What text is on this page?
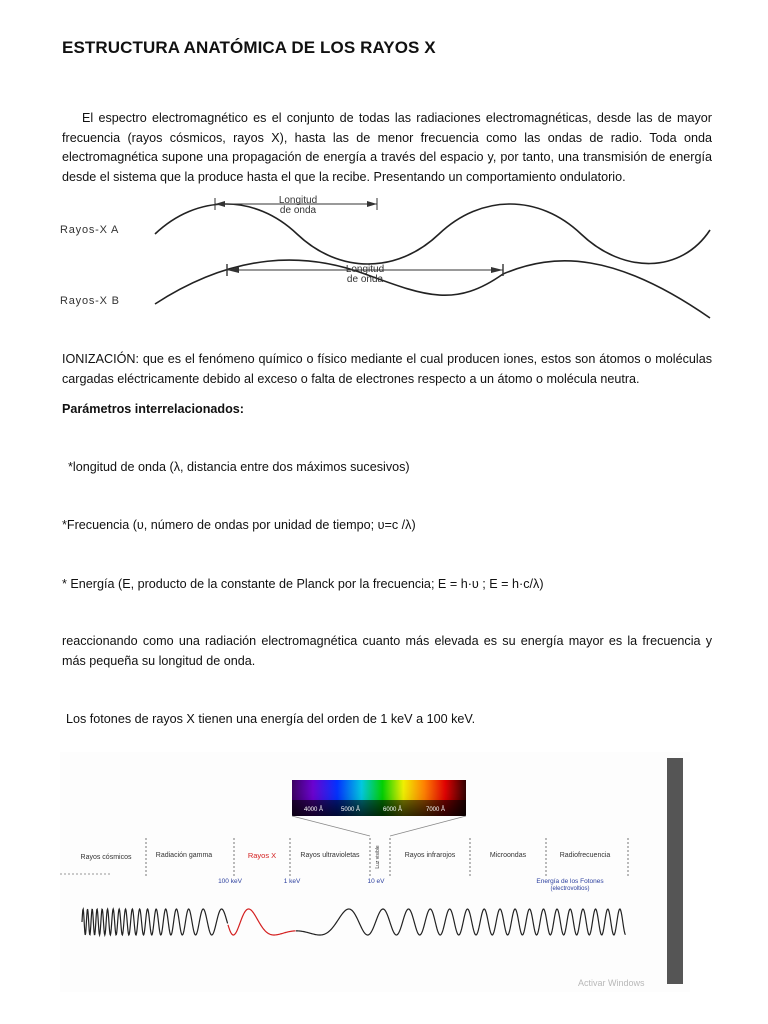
ESTRUCTURA ANATÓMICA DE LOS RAYOS X
El espectro electromagnético es el conjunto de todas las radiaciones electromagnéticas, desde las de mayor frecuencia (rayos cósmicos, rayos X), hasta las de menor frecuencia como las ondas de radio. Toda onda electromagnética supone una propagación de energía a través del espacio y, por tanto, una transmisión de energía desde el sistema que la produce hasta el que la recibe. Presentando un comportamiento ondulatorio.
Rayos-X A
Longitud
de onda
Rayos-X B
Longitud
de onda
IONIZACIÓN: que es el fenómeno químico o físico mediante el cual producen iones, estos son átomos o moléculas cargadas eléctricamente debido al exceso o falta de electrones respecto a un átomo o molécula neutra.
Parámetros interrelacionados:
*longitud de onda (λ, distancia entre dos máximos sucesivos)
*Frecuencia (υ, número de ondas por unidad de tiempo; υ=c /λ)
* Energía (E, producto de la constante de Planck por la frecuencia; E = h·υ ; E = h·c/λ)
reaccionando como una radiación electromagnética cuanto más elevada es su energía mayor es la frecuencia y más pequeña su longitud de onda.
Los fotones de rayos X tienen una energía del orden de 1 keV a 100 keV.
4000 Å	5000 Å	6000 Å	7000 Å
Rayos cósmicos	Radiación gamma	Rayos X	Rayos ultravioletas	Luz visible	Rayos infrarojos	Microondas	Radiofrecuencia
100 keV	1 keV	10 eV	Energía de los Fotones
(electrovoltios)
Activar Windows
